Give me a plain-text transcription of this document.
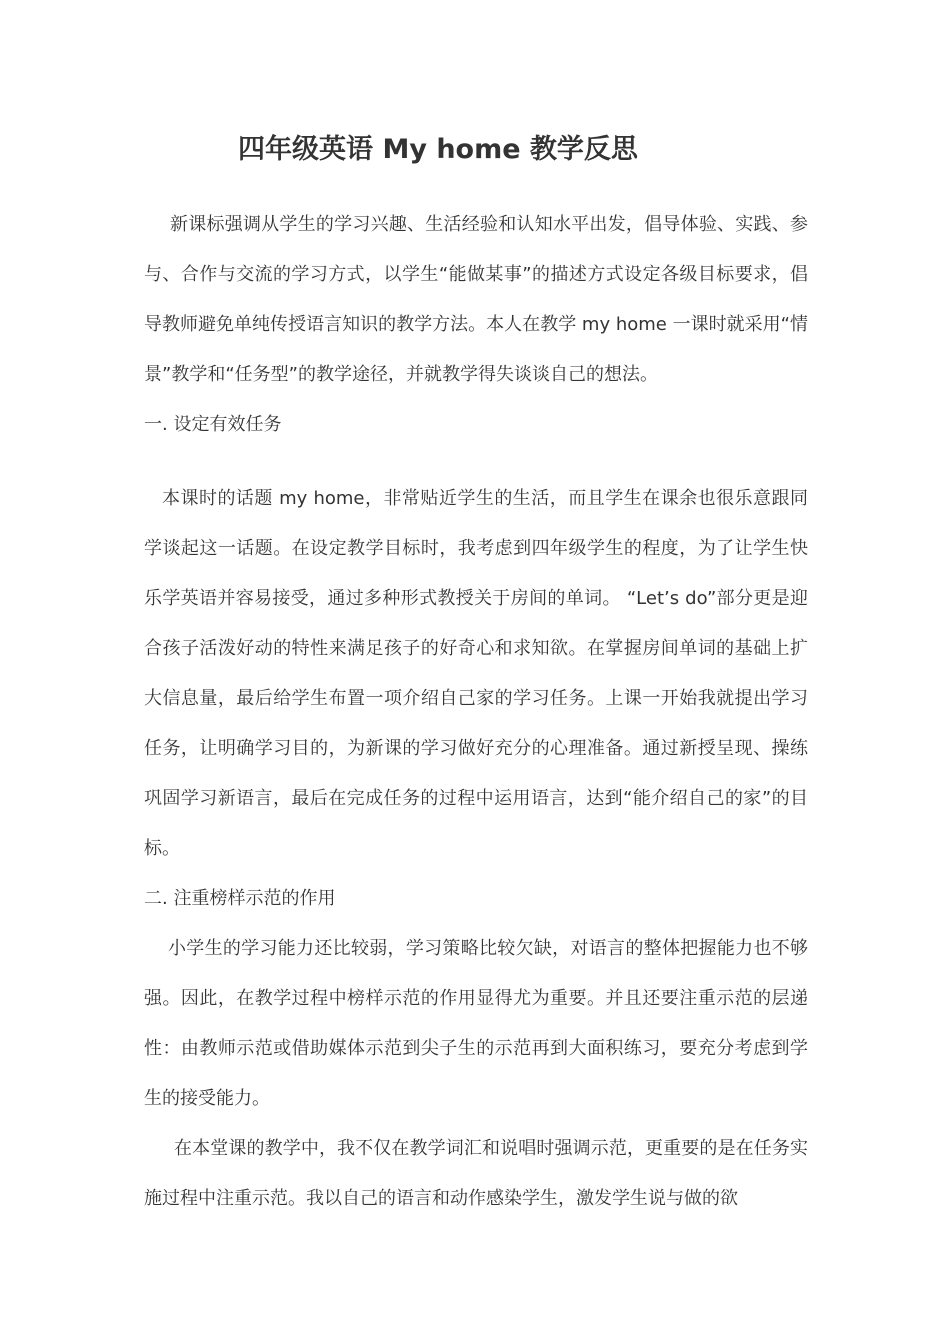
四年级英语 My home 教学反思

新课标强调从学生的学习兴趣、生活经验和认知水平出发，倡导体验、实践、参与、合作与交流的学习方式，以学生“能做某事”的描述方式设定各级目标要求，倡导教师避免单纯传授语言知识的教学方法。本人在教学 my home 一课时就采用“情景”教学和“任务型”的教学途径，并就教学得失谈谈自己的想法。

一. 设定有效任务

本课时的话题 my home，非常贴近学生的生活，而且学生在课余也很乐意跟同学谈起这一话题。在设定教学目标时，我考虑到四年级学生的程度，为了让学生快乐学英语并容易接受，通过多种形式教授关于房间的单词。 “Let’s do”部分更是迎合孩子活泼好动的特性来满足孩子的好奇心和求知欲。在掌握房间单词的基础上扩大信息量，最后给学生布置一项介绍自己家的学习任务。上课一开始我就提出学习任务，让明确学习目的，为新课的学习做好充分的心理准备。通过新授呈现、操练巩固学习新语言，最后在完成任务的过程中运用语言，达到“能介绍自己的家”的目标。

二. 注重榜样示范的作用

小学生的学习能力还比较弱，学习策略比较欠缺，对语言的整体把握能力也不够强。因此，在教学过程中榜样示范的作用显得尤为重要。并且还要注重示范的层递性：由教师示范或借助媒体示范到尖子生的示范再到大面积练习，要充分考虑到学生的接受能力。

在本堂课的教学中，我不仅在教学词汇和说唱时强调示范，更重要的是在任务实施过程中注重示范。我以自己的语言和动作感染学生，激发学生说与做的欲
